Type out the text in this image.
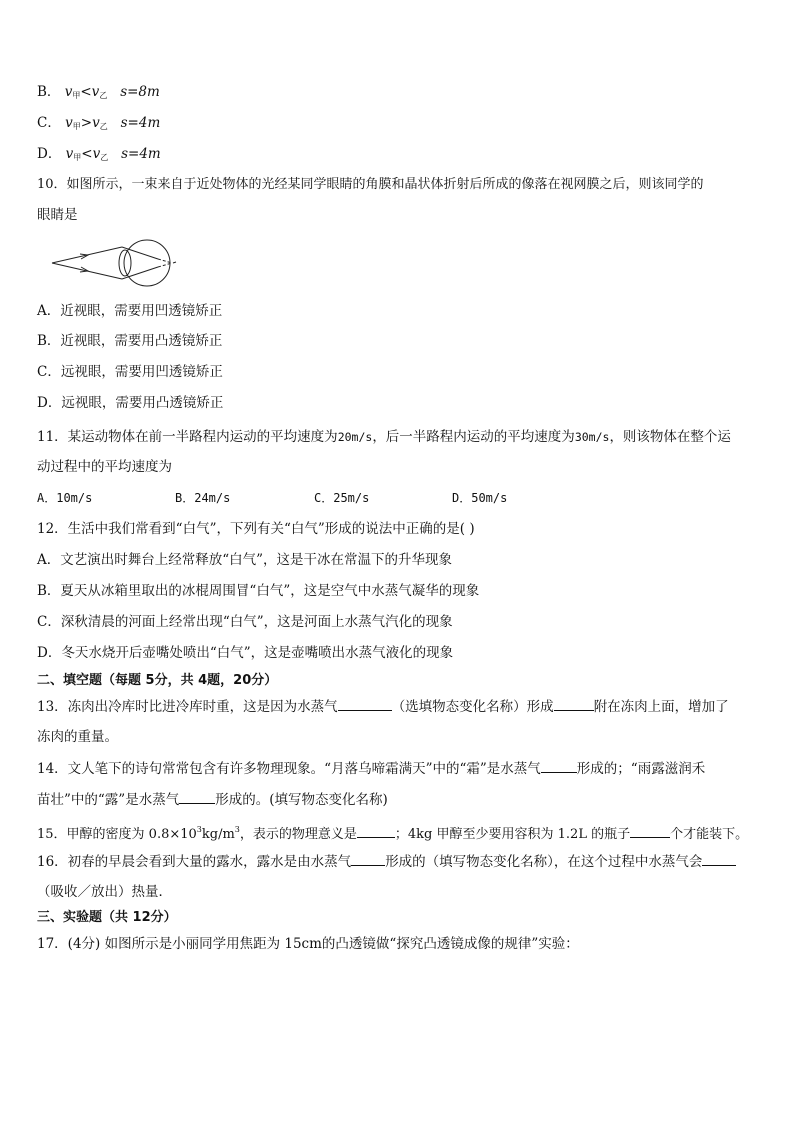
B． $v_甲<v_乙$ s=8m
C． $v_甲>v_乙$ s=4m
D． $v_甲<v_乙$ s=4m
10．如图所示，一束来自于近处物体的光经某同学眼睛的角膜和晶状体折射后所成的像落在视网膜之后，则该同学的
眼睛是
A．近视眼，需要用凹透镜矫正
B．近视眼，需要用凸透镜矫正
C．远视眼，需要用凹透镜矫正
D．远视眼，需要用凸透镜矫正
11．某运动物体在前一半路程内运动的平均速度为20m/s，后一半路程内运动的平均速度为30m/s，则该物体在整个运
动过程中的平均速度为
A．10m/s	B．24m/s	C．25m/s	D．50m/s
12．生活中我们常看到“白气”，下列有关“白气”形成的说法中正确的是( )
A．文艺演出时舞台上经常释放“白气”，这是干冰在常温下的升华现象
B．夏天从冰箱里取出的冰棍周围冒“白气”，这是空气中水蒸气凝华的现象
C．深秋清晨的河面上经常出现“白气”，这是河面上水蒸气汽化的现象
D．冬天水烧开后壶嘴处喷出“白气”，这是壶嘴喷出水蒸气液化的现象
二、填空题（每题 5分，共 4题，20分）
13．冻肉出冷库时比进冷库时重，这是因为水蒸气	（选填物态变化名称）形成	附在冻肉上面，增加了
冻肉的重量。
14．文人笔下的诗句常常包含有许多物理现象。“月落乌啼霜满天”中的“霜”是水蒸气	形成的；“雨露滋润禾
苗壮”中的“露”是水蒸气	形成的。(填写物态变化名称)
15．甲醇的密度为 $0.8\times 10^3kg/m^3$，表示的物理意义是	；4kg 甲醇至少要用容积为 1.2L 的瓶子	个才能装下。
16．初春的早晨会看到大量的露水，露水是由水蒸气	形成的（填写物态变化名称），在这个过程中水蒸气会
（吸收／放出）热量．
三、实验题（共 12分）
17．(4分) 如图所示是小丽同学用焦距为 15cm的凸透镜做“探究凸透镜成像的规律”实验：
